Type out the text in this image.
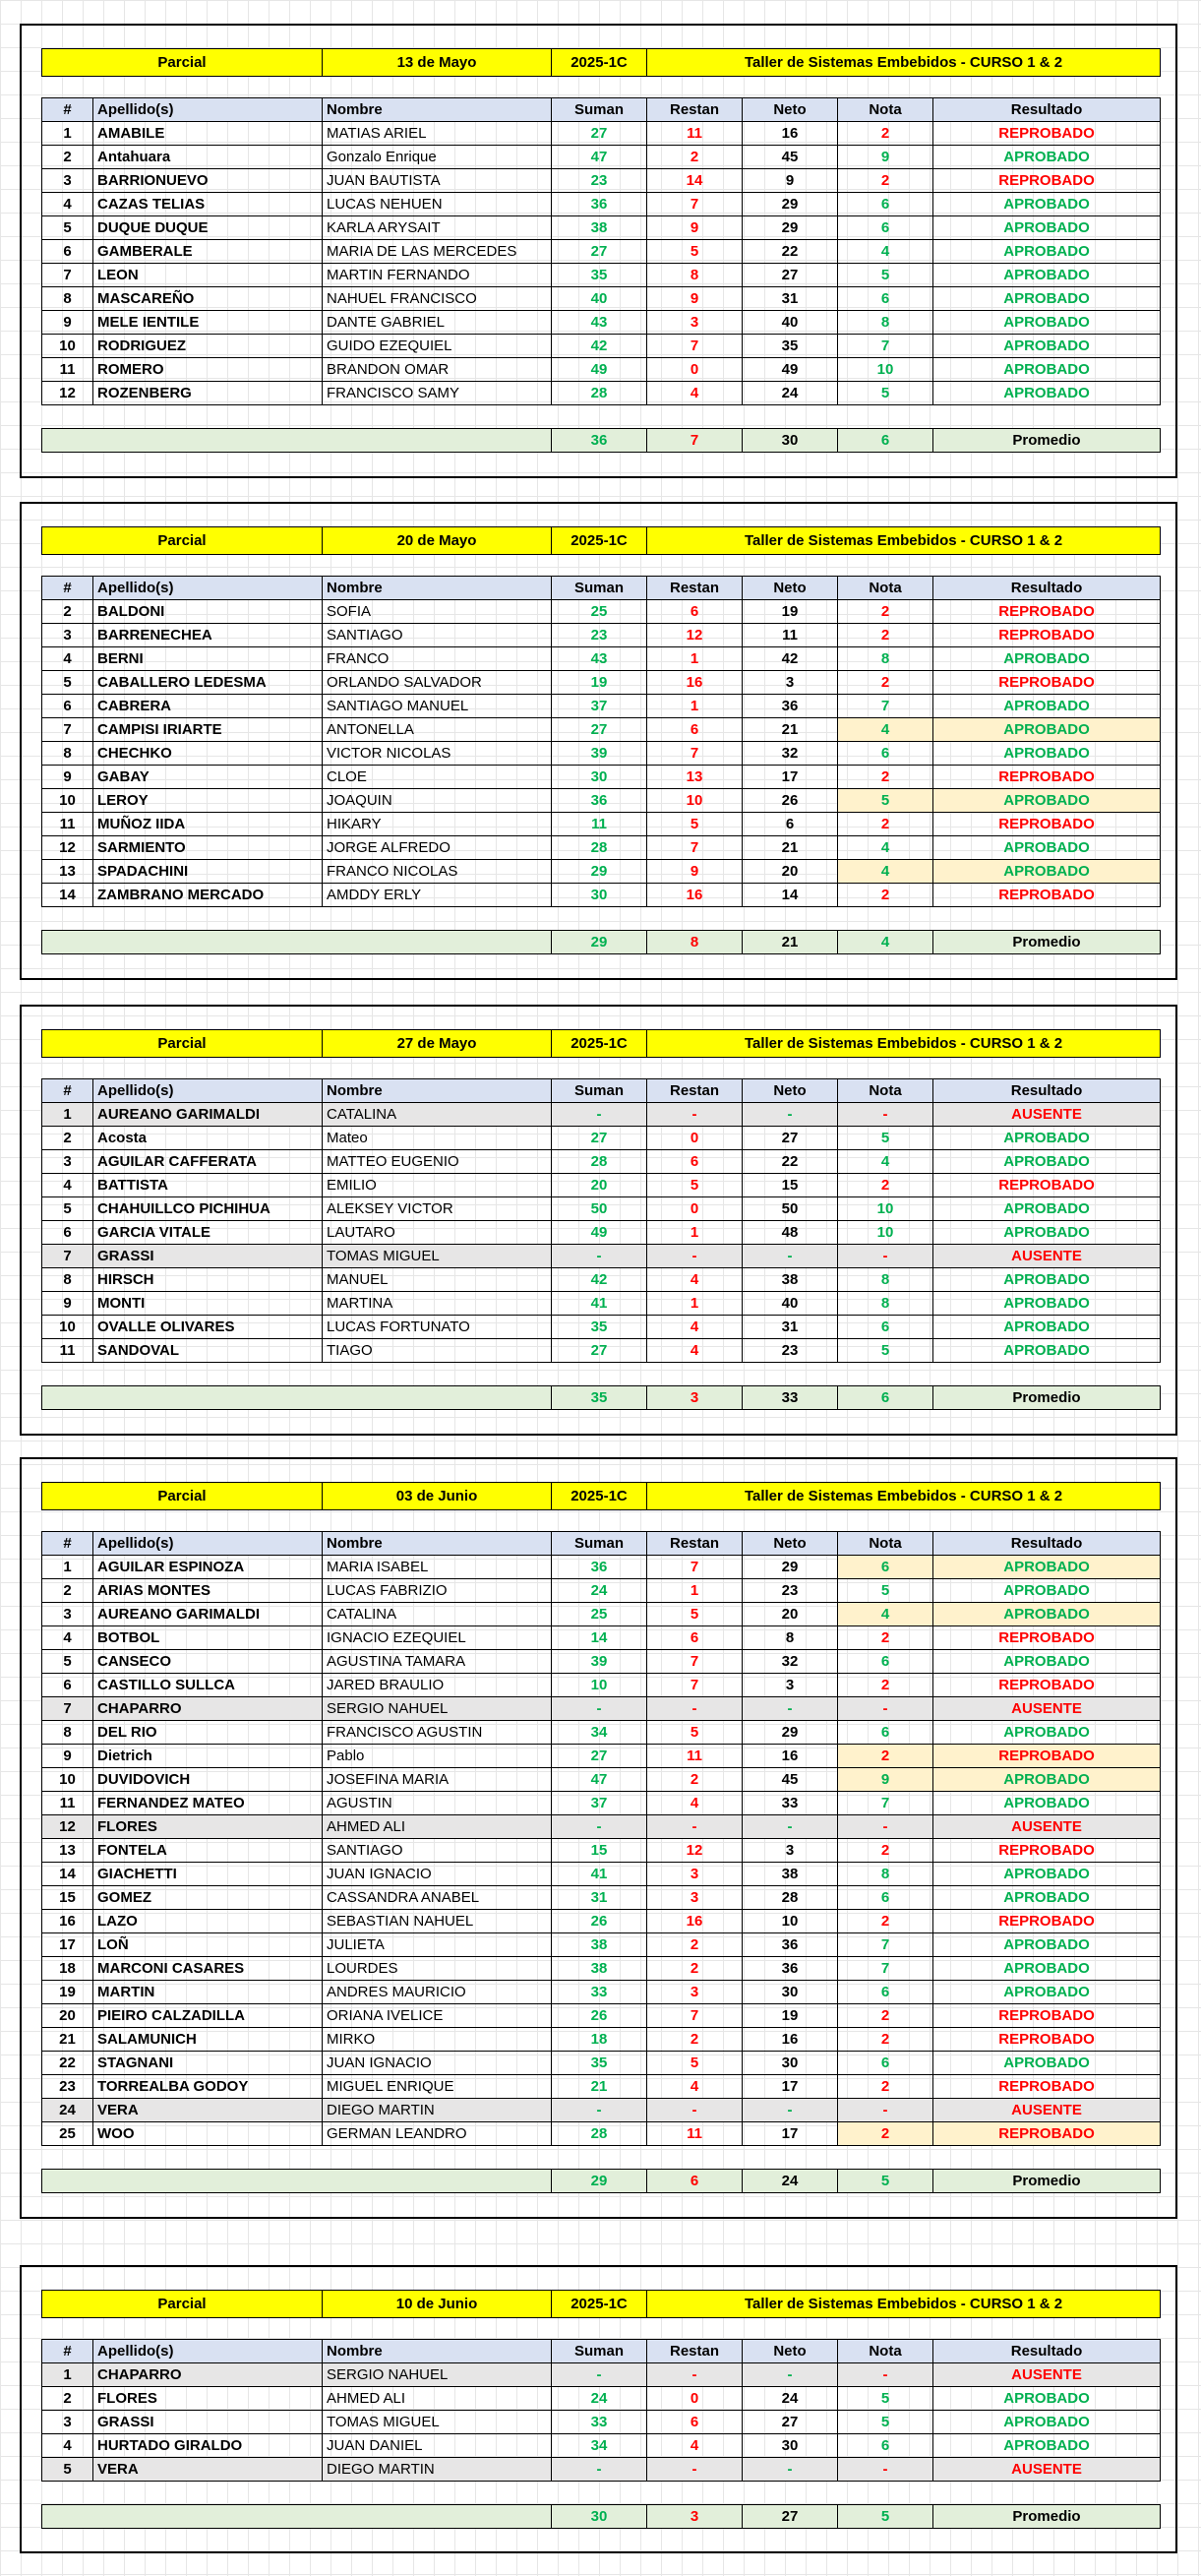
Parcial	13 de Mayo	2025-1C	Taller de Sistemas Embebidos - CURSO 1 & 2
#	Apellido(s)	Nombre	Suman	Restan	Neto	Nota	Resultado
1	AMABILE	MATIAS ARIEL	27	11	16	2	REPROBADO
2	Antahuara	Gonzalo Enrique	47	2	45	9	APROBADO
3	BARRIONUEVO	JUAN BAUTISTA	23	14	9	2	REPROBADO
4	CAZAS TELIAS	LUCAS NEHUEN	36	7	29	6	APROBADO
5	DUQUE DUQUE	KARLA ARYSAIT	38	9	29	6	APROBADO
6	GAMBERALE	MARIA DE LAS MERCEDES	27	5	22	4	APROBADO
7	LEON	MARTIN FERNANDO	35	8	27	5	APROBADO
8	MASCAREÑO	NAHUEL FRANCISCO	40	9	31	6	APROBADO
9	MELE IENTILE	DANTE GABRIEL	43	3	40	8	APROBADO
10	RODRIGUEZ	GUIDO EZEQUIEL	42	7	35	7	APROBADO
11	ROMERO	BRANDON OMAR	49	0	49	10	APROBADO
12	ROZENBERG	FRANCISCO SAMY	28	4	24	5	APROBADO
	36	7	30	6	Promedio
Parcial	20 de Mayo	2025-1C	Taller de Sistemas Embebidos - CURSO 1 & 2
#	Apellido(s)	Nombre	Suman	Restan	Neto	Nota	Resultado
2	BALDONI	SOFIA	25	6	19	2	REPROBADO
3	BARRENECHEA	SANTIAGO	23	12	11	2	REPROBADO
4	BERNI	FRANCO	43	1	42	8	APROBADO
5	CABALLERO LEDESMA	ORLANDO SALVADOR	19	16	3	2	REPROBADO
6	CABRERA	SANTIAGO MANUEL	37	1	36	7	APROBADO
7	CAMPISI IRIARTE	ANTONELLA	27	6	21	4	APROBADO
8	CHECHKO	VICTOR NICOLAS	39	7	32	6	APROBADO
9	GABAY	CLOE	30	13	17	2	REPROBADO
10	LEROY	JOAQUIN	36	10	26	5	APROBADO
11	MUÑOZ IIDA	HIKARY	11	5	6	2	REPROBADO
12	SARMIENTO	JORGE ALFREDO	28	7	21	4	APROBADO
13	SPADACHINI	FRANCO NICOLAS	29	9	20	4	APROBADO
14	ZAMBRANO MERCADO	AMDDY ERLY	30	16	14	2	REPROBADO
	29	8	21	4	Promedio
Parcial	27 de Mayo	2025-1C	Taller de Sistemas Embebidos - CURSO 1 & 2
#	Apellido(s)	Nombre	Suman	Restan	Neto	Nota	Resultado
1	AUREANO GARIMALDI	CATALINA	-	-	-	-	AUSENTE
2	Acosta	Mateo	27	0	27	5	APROBADO
3	AGUILAR CAFFERATA	MATTEO EUGENIO	28	6	22	4	APROBADO
4	BATTISTA	EMILIO	20	5	15	2	REPROBADO
5	CHAHUILLCO PICHIHUA	ALEKSEY VICTOR	50	0	50	10	APROBADO
6	GARCIA VITALE	LAUTARO	49	1	48	10	APROBADO
7	GRASSI	TOMAS MIGUEL	-	-	-	-	AUSENTE
8	HIRSCH	MANUEL	42	4	38	8	APROBADO
9	MONTI	MARTINA	41	1	40	8	APROBADO
10	OVALLE OLIVARES	LUCAS FORTUNATO	35	4	31	6	APROBADO
11	SANDOVAL	TIAGO	27	4	23	5	APROBADO
	35	3	33	6	Promedio
Parcial	03 de Junio	2025-1C	Taller de Sistemas Embebidos - CURSO 1 & 2
#	Apellido(s)	Nombre	Suman	Restan	Neto	Nota	Resultado
1	AGUILAR ESPINOZA	MARIA ISABEL	36	7	29	6	APROBADO
2	ARIAS MONTES	LUCAS FABRIZIO	24	1	23	5	APROBADO
3	AUREANO GARIMALDI	CATALINA	25	5	20	4	APROBADO
4	BOTBOL	IGNACIO EZEQUIEL	14	6	8	2	REPROBADO
5	CANSECO	AGUSTINA TAMARA	39	7	32	6	APROBADO
6	CASTILLO SULLCA	JARED BRAULIO	10	7	3	2	REPROBADO
7	CHAPARRO	SERGIO NAHUEL	-	-	-	-	AUSENTE
8	DEL RIO	FRANCISCO AGUSTIN	34	5	29	6	APROBADO
9	Dietrich	Pablo	27	11	16	2	REPROBADO
10	DUVIDOVICH	JOSEFINA MARIA	47	2	45	9	APROBADO
11	FERNANDEZ MATEO	AGUSTIN	37	4	33	7	APROBADO
12	FLORES	AHMED ALI	-	-	-	-	AUSENTE
13	FONTELA	SANTIAGO	15	12	3	2	REPROBADO
14	GIACHETTI	JUAN IGNACIO	41	3	38	8	APROBADO
15	GOMEZ	CASSANDRA ANABEL	31	3	28	6	APROBADO
16	LAZO	SEBASTIAN NAHUEL	26	16	10	2	REPROBADO
17	LOÑ	JULIETA	38	2	36	7	APROBADO
18	MARCONI CASARES	LOURDES	38	2	36	7	APROBADO
19	MARTIN	ANDRES MAURICIO	33	3	30	6	APROBADO
20	PIEIRO CALZADILLA	ORIANA IVELICE	26	7	19	2	REPROBADO
21	SALAMUNICH	MIRKO	18	2	16	2	REPROBADO
22	STAGNANI	JUAN IGNACIO	35	5	30	6	APROBADO
23	TORREALBA GODOY	MIGUEL ENRIQUE	21	4	17	2	REPROBADO
24	VERA	DIEGO MARTIN	-	-	-	-	AUSENTE
25	WOO	GERMAN LEANDRO	28	11	17	2	REPROBADO
	29	6	24	5	Promedio
Parcial	10 de Junio	2025-1C	Taller de Sistemas Embebidos - CURSO 1 & 2
#	Apellido(s)	Nombre	Suman	Restan	Neto	Nota	Resultado
1	CHAPARRO	SERGIO NAHUEL	-	-	-	-	AUSENTE
2	FLORES	AHMED ALI	24	0	24	5	APROBADO
3	GRASSI	TOMAS MIGUEL	33	6	27	5	APROBADO
4	HURTADO GIRALDO	JUAN DANIEL	34	4	30	6	APROBADO
5	VERA	DIEGO MARTIN	-	-	-	-	AUSENTE
	30	3	27	5	Promedio
